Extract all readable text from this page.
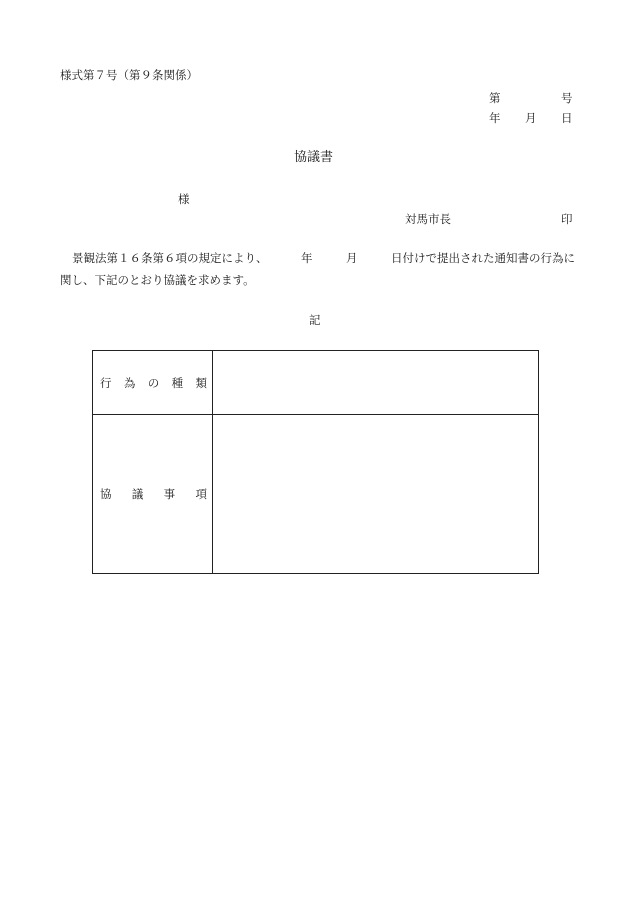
様式第７号（第９条関係）
第	号
年 月 日
協議書
様
対馬市長	印
景観法第１６条第６項の規定により、	年	月	日付けで提出された通知書の行為に
関し、下記のとおり協議を求めます。
記
行 為 の 種 類
協 議 事 項
